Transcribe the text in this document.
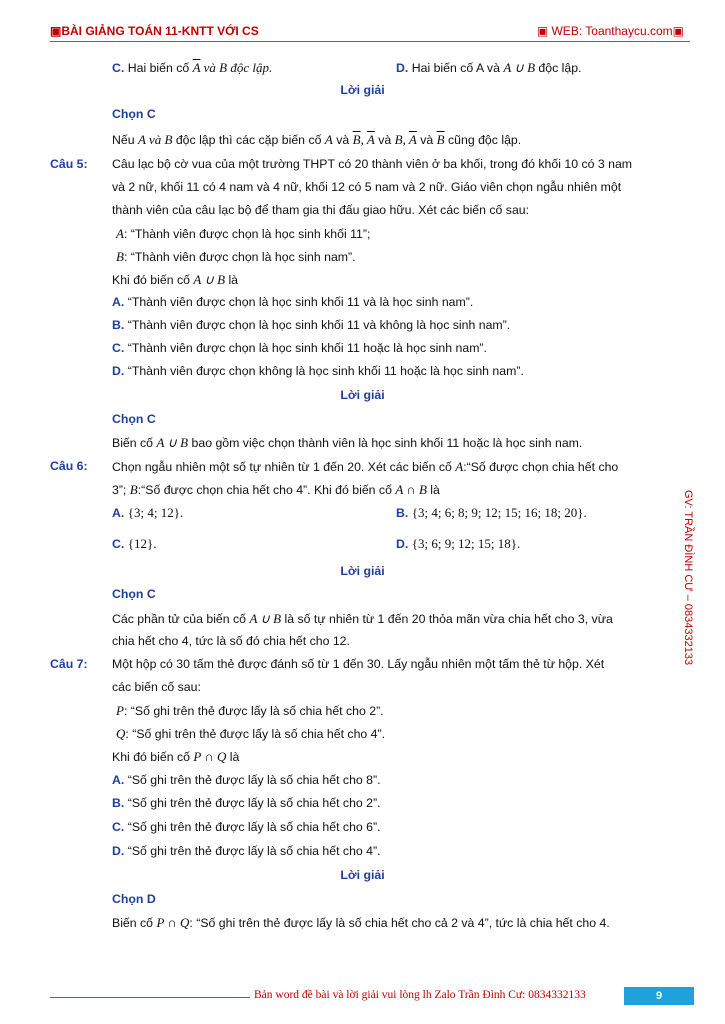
▣BÀI GIẢNG TOÁN 11-KNTT VỚI CS	▣ WEB: Toanthaycu.com▣
GV: TRẦN ĐÌNH CƯ – 0834332133
C. Hai biến cố $\overline{A}$ và B độc lập.	D. Hai biến cố A và A ∪ B độc lập.
Lời giải
Chọn C
Nếu A và B độc lập thì các cặp biến cố A và $\overline{B}$, $\overline{A}$ và B, $\overline{A}$ và $\overline{B}$ cũng độc lập.
Câu 5: Câu lạc bộ cờ vua của một trường THPT có 20 thành viên ở ba khối, trong đó khối 10 có 3 nam
và 2 nữ, khối 11 có 4 nam và 4 nữ, khối 12 có 5 nam và 2 nữ. Giáo viên chọn ngẫu nhiên một
thành viên của câu lạc bộ để tham gia thi đấu giao hữu. Xét các biến cố sau:
A: “Thành viên được chọn là học sinh khối 11”;
B: “Thành viên được chọn là học sinh nam”.
Khi đó biến cố A ∪ B là
A. “Thành viên được chọn là học sinh khối 11 và là học sinh nam”.
B. “Thành viên được chọn là học sinh khối 11 và không là học sinh nam”.
C. “Thành viên được chọn là học sinh khối 11 hoặc là học sinh nam”.
D. “Thành viên được chọn không là học sinh khối 11 hoặc là học sinh nam”.
Lời giải
Chọn C
Biến cố A ∪ B bao gồm việc chọn thành viên là học sinh khối 11 hoặc là học sinh nam.
Câu 6: Chọn ngẫu nhiên một số tự nhiên từ 1 đến 20. Xét các biến cố A:“Số được chọn chia hết cho
3”; B:“Số được chọn chia hết cho 4”. Khi đó biến cố A ∩ B là
A. {3; 4; 12}.	B. {3; 4; 6; 8; 9; 12; 15; 16; 18; 20}.
C. {12}.	D. {3; 6; 9; 12; 15; 18}.
Lời giải
Chọn C
Các phần tử của biến cố A ∪ B là số tự nhiên từ 1 đến 20 thỏa mãn vừa chia hết cho 3, vừa
chia hết cho 4, tức là số đó chia hết cho 12.
Câu 7: Một hộp có 30 tấm thẻ được đánh số từ 1 đến 30. Lấy ngẫu nhiên một tấm thẻ từ hộp. Xét
các biến cố sau:
P: “Số ghi trên thẻ được lấy là số chia hết cho 2”.
Q: “Số ghi trên thẻ được lấy là số chia hết cho 4”.
Khi đó biến cố P ∩ Q là
A. “Số ghi trên thẻ được lấy là số chia hết cho 8”.
B. “Số ghi trên thẻ được lấy là số chia hết cho 2”.
C. “Số ghi trên thẻ được lấy là số chia hết cho 6”.
D. “Số ghi trên thẻ được lấy là số chia hết cho 4”.
Lời giải
Chọn D
Biến cố P ∩ Q: “Số ghi trên thẻ được lấy là số chia hết cho cả 2 và 4”, tức là chia hết cho 4.
Bản word đề bài và lời giải vui lòng lh Zalo Trần Đình Cư: 0834332133	9
